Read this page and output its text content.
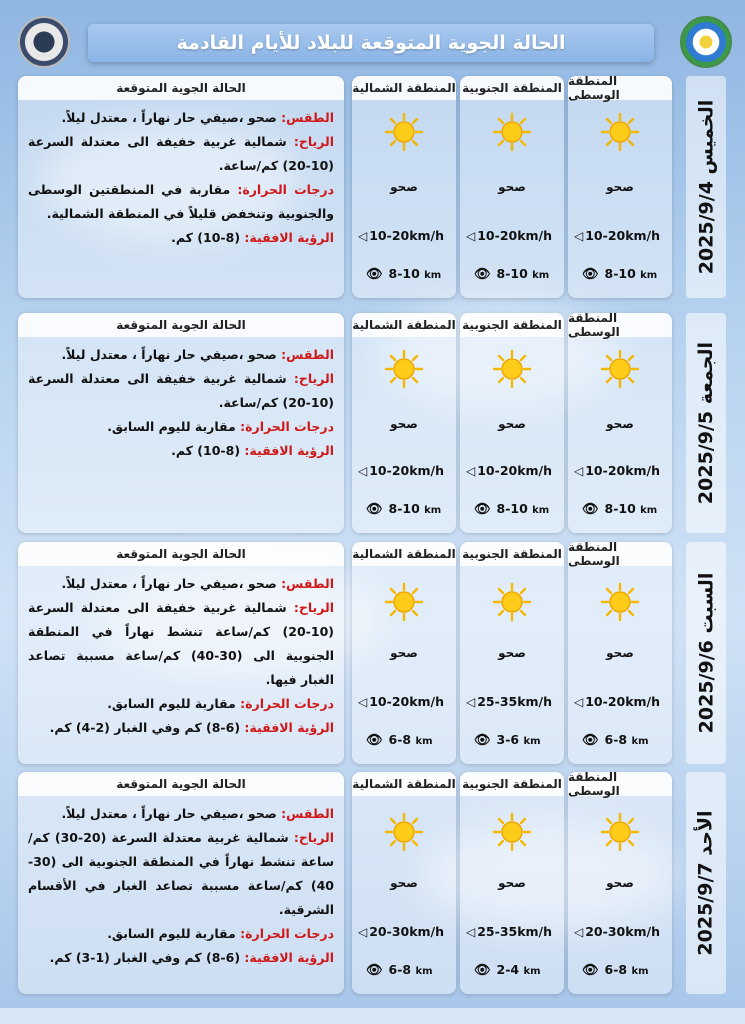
الحالة الجوية المتوقعة للبلاد للأيام القادمة
الخميس 2025/9/4
الحالة الجوية المتوقعة
الطقس: صحو ،صيفي حار نهاراً ، معتدل ليلاً.
الرياح: شمالية غربية خفيفة الى معتدلة السرعة (10-20) كم/ساعة.
درجات الحرارة: مقاربة في المنطقتين الوسطى والجنوبية وتنخفض قليلاً في المنطقة الشمالية.
الرؤية الافقية: (8-10) كم.
المنطقة الشمالية
صحو
◁ 10-20km/h
👁 8-10 km
المنطقة الجنوبية
صحو
◁ 10-20km/h
👁 8-10 km
المنطقة الوسطى
صحو
◁ 10-20km/h
👁 8-10 km
الجمعة 2025/9/5
الحالة الجوية المتوقعة
الطقس: صحو ،صيفي حار نهاراً ، معتدل ليلاً.
الرياح: شمالية غربية خفيفة الى معتدلة السرعة (10-20) كم/ساعة.
درجات الحرارة: مقاربة لليوم السابق.
الرؤية الافقية: (8-10) كم.
المنطقة الشمالية
صحو
◁ 10-20km/h
👁 8-10 km
المنطقة الجنوبية
صحو
◁ 10-20km/h
👁 8-10 km
المنطقة الوسطى
صحو
◁ 10-20km/h
👁 8-10 km
السبت 2025/9/6
الحالة الجوية المتوقعة
الطقس: صحو ،صيفي حار نهاراً ، معتدل ليلاً.
الرياح: شمالية غربية خفيفة الى معتدلة السرعة (10-20) كم/ساعة تنشط نهاراً في المنطقة الجنوبية الى (30-40) كم/ساعة مسببة تصاعد الغبار فيها.
درجات الحرارة: مقاربة لليوم السابق.
الرؤية الافقية: (6-8) كم وفي الغبار (2-4) كم.
المنطقة الشمالية
صحو
◁ 10-20km/h
👁 6-8 km
المنطقة الجنوبية
صحو
◁ 25-35km/h
👁 3-6 km
المنطقة الوسطى
صحو
◁ 10-20km/h
👁 6-8 km
الأحد 2025/9/7
الحالة الجوية المتوقعة
الطقس: صحو ،صيفي حار نهاراً ، معتدل ليلاً.
الرياح: شمالية غربية معتدلة السرعة (20-30) كم/ساعة تنشط نهاراً في المنطقة الجنوبية الى (30-40) كم/ساعة مسببة تصاعد الغبار في الأقسام الشرقية.
درجات الحرارة: مقاربة لليوم السابق.
الرؤية الافقية: (6-8) كم وفي الغبار (1-3) كم.
المنطقة الشمالية
صحو
◁ 20-30km/h
👁 6-8 km
المنطقة الجنوبية
صحو
◁ 25-35km/h
👁 2-4 km
المنطقة الوسطى
صحو
◁ 20-30km/h
👁 6-8 km
